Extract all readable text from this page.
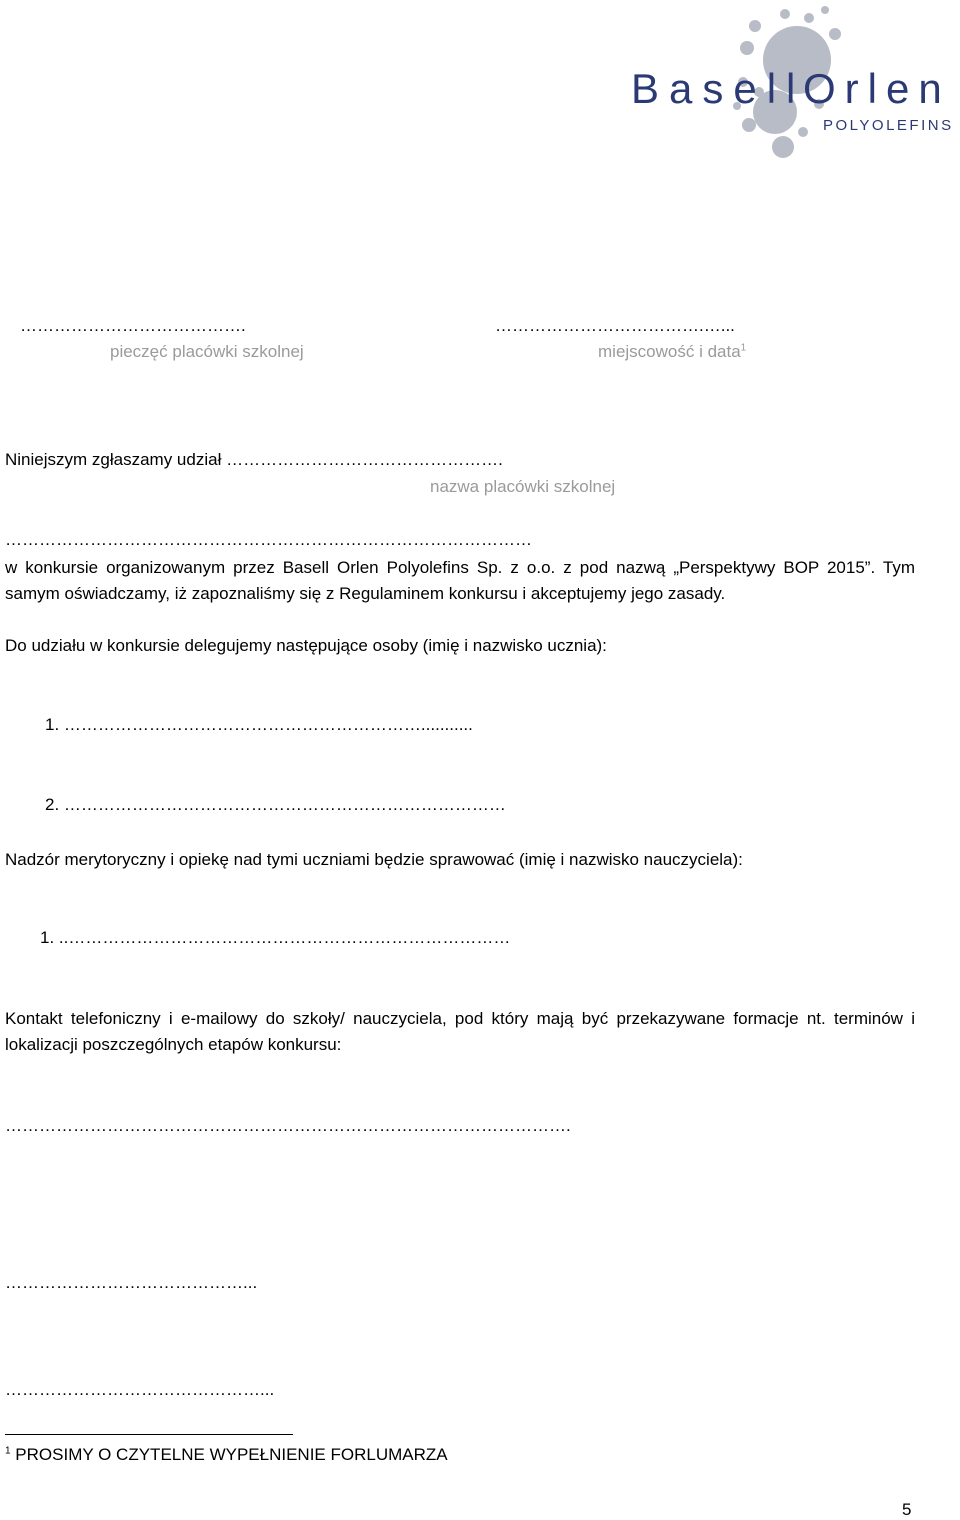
Basell
Orlen
POLYOLEFINS
………………………………….
pieczęć placówki szkolnej
……………………………….…...
miejscowość i data$^1$
Niniejszym zgłaszamy udział ………………………………………….
nazwa placówki szkolnej
…………………………………………………………………………………
w konkursie organizowanym przez Basell Orlen Polyolefins Sp. z o.o. z pod nazwą „Perspektywy BOP 2015”. Tym samym oświadczamy, iż zapoznaliśmy się z Regulaminem konkursu i akceptujemy jego zasady.
Do udziału w konkursie delegujemy następujące osoby (imię i nazwisko ucznia):
1. ………………………………………………………...........
2. ……………………………………………………………………
Nadzór merytoryczny i opiekę nad tymi uczniami będzie sprawować (imię i nazwisko nauczyciela):
1. ..……………………………………………………………………
Kontakt telefoniczny i e-mailowy do szkoły/ nauczyciela, pod który mają być przekazywane formacje nt. terminów i lokalizacji poszczególnych etapów konkursu:
……………………………………………………………………………………….
……………………………………...
………………………………………...
$^1$ PROSIMY O CZYTELNE WYPEŁNIENIE FORLUMARZA
5
